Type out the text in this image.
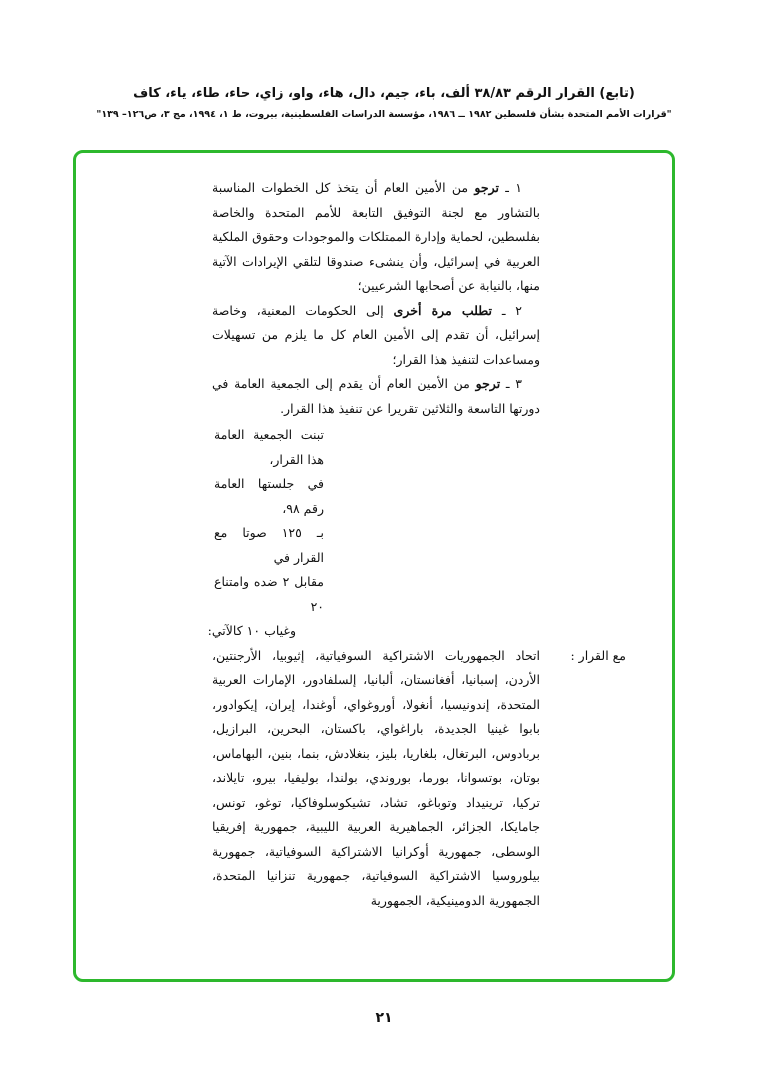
(تابع) القرار الرقم ٣٨/٨٣ ألف، باء، جيم، دال، هاء، واو، زاي، حاء، طاء، ياء، كاف
"قرارات الأمم المتحدة بشأن فلسطين ١٩٨٢ ــ ١٩٨٦، مؤسسة الدراسات الفلسطينية، بيروت، ط ١، ١٩٩٤، مج ٣، ص١٢٦– ١٣٩"

١ ـ ترجو من الأمين العام أن يتخذ كل الخطوات المناسبة بالتشاور مع لجنة التوفيق التابعة للأمم المتحدة والخاصة بفلسطين، لحماية وإدارة الممتلكات والموجودات وحقوق الملكية العربية في إسرائيل، وأن ينشىء صندوقا لتلقي الإيرادات الآتية منها، بالنيابة عن أصحابها الشرعيين؛

٢ ـ تطلب مرة أخرى إلى الحكومات المعنية، وخاصة إسرائيل، أن تقدم إلى الأمين العام كل ما يلزم من تسهيلات ومساعدات لتنفيذ هذا القرار؛

٣ ـ ترجو من الأمين العام أن يقدم إلى الجمعية العامة في دورتها التاسعة والثلاثين تقريرا عن تنفيذ هذا القرار.

تبنت الجمعية العامة هذا القرار،
في جلستها العامة رقم ٩٨،
بـ ١٢٥ صوتا مع القرار في
مقابل ٢ ضده وامتناع ٢٠
وغياب ١٠ كالآتي:
مع القرار :

اتحاد الجمهوريات الاشتراكية السوفياتية، إثيوبيا، الأرجنتين، الأردن، إسبانيا، أفغانستان، ألبانيا، إلسلفادور، الإمارات العربية المتحدة، إندونيسيا، أنغولا، أوروغواي، أوغندا، إيران، إيكوادور، بابوا غينيا الجديدة، باراغواي، باكستان، البحرين، البرازيل، بربادوس، البرتغال، بلغاريا، بليز، بنغلادش، بنما، بنين، البهاماس، بوتان، بوتسوانا، بورما، بوروندي، بولندا، بوليفيا، بيرو، تايلاند، تركيا، ترينيداد وتوباغو، تشاد، تشيكوسلوفاكيا، توغو، تونس، جامايكا، الجزائر، الجماهيرية العربية الليبية، جمهورية إفريقيا الوسطى، جمهورية أوكرانيا الاشتراكية السوفياتية، جمهورية بيلوروسيا الاشتراكية السوفياتية، جمهورية تنزانيا المتحدة، الجمهورية الدومينيكية، الجمهورية

٢١
